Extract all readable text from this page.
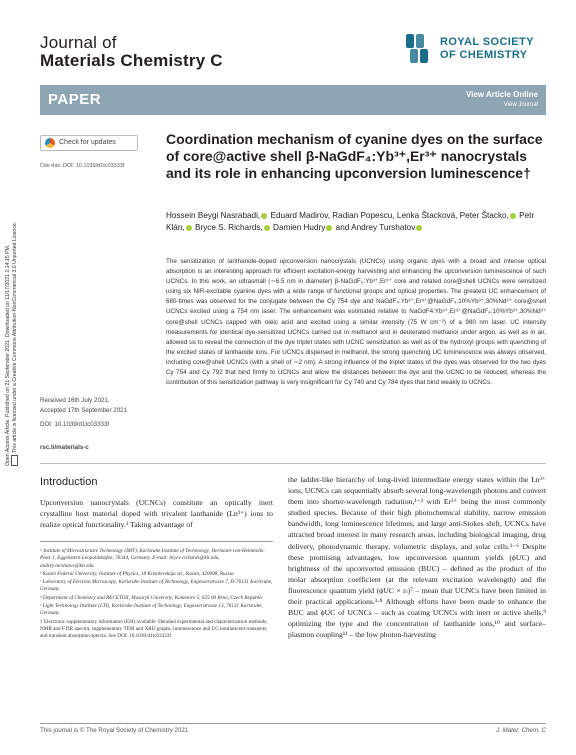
Journal of
Materials Chemistry C
ROYAL SOCIETY
OF CHEMISTRY
PAPER	View Article Online
View Journal
Open Access Article. Published on 21 September 2021. Downloaded on 11/17/2021 2:14:15 PM. This article is licensed under a Creative Commons Attribution-NonCommercial 3.0 Unported Licence.
Check for updates
Cite this: DOI: 10.1039/d1tc03333f
Coordination mechanism of cyanine dyes on the surface of core@active shell β-NaGdF₄:Yb³⁺,Er³⁺ nanocrystals and its role in enhancing upconversion luminescence†
Hossein Beygi Nasrabadi, Eduard Madirov, Radian Popescu, Lenka Štacková, Peter Štacko, Petr Klán, Bryce S. Richards, Damien Hudry and Andrey Turshatov
The sensitization of lanthanide-doped upconversion nanocrystals (UCNCs) using organic dyes with a broad and intense optical absorption is an interesting approach for efficient excitation-energy harvesting and enhancing the upconversion luminescence of such UCNCs. In this work, an ultrasmall (∼6.5 nm in diameter) β-NaGdF₄:Yb³⁺,Er³⁺ core and related core@shell UCNCs were sensitized using six NIR-excitable cyanine dyes with a wide range of functional groups and optical properties. The greatest UC enhancement of 680-times was observed for the conjugate between the Cy 754 dye and NaGdF₄:Yb³⁺,Er³⁺@NaGdF₄:10%Yb³⁺,30%Nd³⁺ core@shell UCNCs excited using a 754 nm laser. The enhancement was estimated relative to NaGdF4:Yb³⁺,Er³⁺@NaGdF₄:10%Yb³⁺,30%Nd³⁺ core@shell UCNCs capped with oleic acid and excited using a similar intensity (75 W cm⁻²) of a 980 nm laser. UC intensity measurements for identical dye-sensitized UCNCs carried out in methanol and in deuterated methanol under argon, as well as in air, allowed us to reveal the connection of the dye triplet states with UCNC sensitization as well as of the hydroxyl groups with quenching of the excited states of lanthanide ions. For UCNCs dispersed in methanol, the strong quenching UC luminescence was always observed, including core@shell UCNCs (with a shell of ∼2 nm). A strong influence of the triplet states of the dyes was observed for the two dyes Cy 754 and Cy 792 that bind firmly to UCNCs and allow the distances between the dye and the UCNC to be reduced, whereas the contribution of this sensitization pathway is very insignificant for Cy 740 and Cy 784 dyes that bind weakly to UCNCs.
Received 16th July 2021,
Accepted 17th September 2021
DOI: 10.1039/d1tc03333f
rsc.li/materials-c
Introduction
Upconversion nanocrystals (UCNCs) constitute an optically inert crystalline host material doped with trivalent lanthanide (Ln³⁺) ions to realize optical functionality.¹ Taking advantage of
the ladder-like hierarchy of long-lived intermediate energy states within the Ln³⁺ ions, UCNCs can sequentially absorb several long-wavelength photons and convert them into shorter-wavelength radiation,¹⁻³ with Er³⁺ being the most commonly studied species. Because of their high photochemical stability, narrow emission bandwidth, long luminescence lifetimes, and large anti-Stokes shift, UCNCs have attracted broad interest in many research areas, including biological imaging, drug delivery, photodynamic therapy, volumetric displays, and solar cells.¹⁻⁶ Despite these promising advantages, low upconversion quantum yields (ϕUC) and brightness of the upconverted emission (BUC) – defined as the product of the molar absorption coefficient (at the relevant excitation wavelength) and the fluorescence quantum yield (ϕUC × εₗ)⁷ – mean that UCNCs have been limited in their practical applications.³·⁸ Although efforts have been made to enhance the BUC and ϕUC of UCNCs – such as coating UCNCs with inert or active shells,⁹ optimizing the type and the concentration of lanthanide ions,¹⁰ and surface–plasmon coupling¹¹ – the low photon-harvesting

ᵃ Institute of Microstructure Technology (IMT), Karlsruhe Institute of Technology, Hermann-von-Helmholtz-Platz 1, Eggenstein-Leopoldshafen, 76344, Germany. E-mail: bryce.richards@kit.edu, andrey.turshatov@kit.edu

ᵇ Kazan Federal University, Institute of Physics, 18 Kremlevskaja str., Kazan, 420008, Russia

ᶜ Laboratory of Electron Microscopy, Karlsruhe Institute of Technology, Engesserstrasse 7, D-76131 Karlsruhe, Germany

ᵈ Department of Chemistry and RECETOX, Masaryk University, Kamenice 5, 625 00 Brno, Czech Republic

ᵉ Light Technology Institute (LTI), Karlsruhe Institute of Technology, Engesserstrasse 13, 76131 Karlsruhe, Germany

† Electronic supplementary information (ESI) available: Detailed experimental and characterization methods, NMR and FTIR spectra, supplementary TEM and XRD graphs, luminescence and UC luminescent transients, and transient absorption spectra. See DOI: 10.1039/d1tc03333f

This journal is © The Royal Society of Chemistry 2021	J. Mater. Chem. C
